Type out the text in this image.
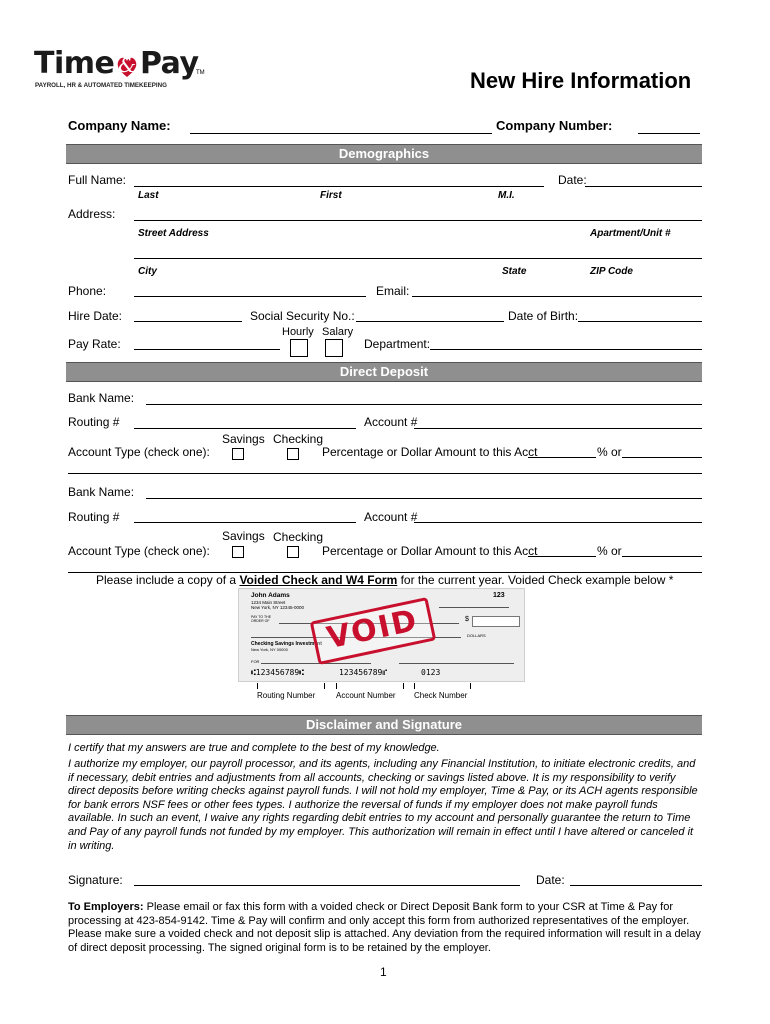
Time & Pay
TM
PAYROLL, HR & AUTOMATED TIMEKEEPING	New Hire Information
Company Name:	Company Number:
Demographics
Full Name:	Date:
Last	First	M.I.
Address:
Street Address	Apartment/Unit #
City	State	ZIP Code
Phone:	Email:
Hire Date:	Social Security No.:	Date of Birth:
Hourly Salary
Pay Rate:	Department:
Direct Deposit
Bank Name:
Routing #	Account #
Savings Checking
Account Type (check one):	Percentage or Dollar Amount to this Acct	% or
Bank Name:
Routing #	Account #
Savings Checking
Account Type (check one):	Percentage or Dollar Amount to this Acct	% or
Please include a copy of a Voided Check and W4 Form for the current year. Voided Check example below *
John Adams
1234 Main Street
New York, NY 12345-0000
123
PAY TO THE ORDER OF	$
DOLLARS
Checking Savings Investment
New York, NY 00000
FOR
⑆123456789⑆	123456789⑈	0123
VOID
Routing Number	Account Number Check Number
Disclaimer and Signature
I certify that my answers are true and complete to the best of my knowledge.
I authorize my employer, our payroll processor, and its agents, including any Financial Institution, to initiate electronic credits, and if necessary, debit entries and adjustments from all accounts, checking or savings listed above. It is my responsibility to verify direct deposits before writing checks against payroll funds. I will not hold my employer, Time & Pay, or its ACH agents responsible for bank errors NSF fees or other fees types. I authorize the reversal of funds if my employer does not make payroll funds available. In such an event, I waive any rights regarding debit entries to my account and personally guarantee the return to Time and Pay of any payroll funds not funded by my employer. This authorization will remain in effect until I have altered or canceled it in writing.
Signature:	Date:
To Employers: Please email or fax this form with a voided check or Direct Deposit Bank form to your CSR at Time & Pay for processing at 423-854-9142. Time & Pay will confirm and only accept this form from authorized representatives of the employer. Please make sure a voided check and not deposit slip is attached. Any deviation from the required information will result in a delay of direct deposit processing. The signed original form is to be retained by the employer.
1
